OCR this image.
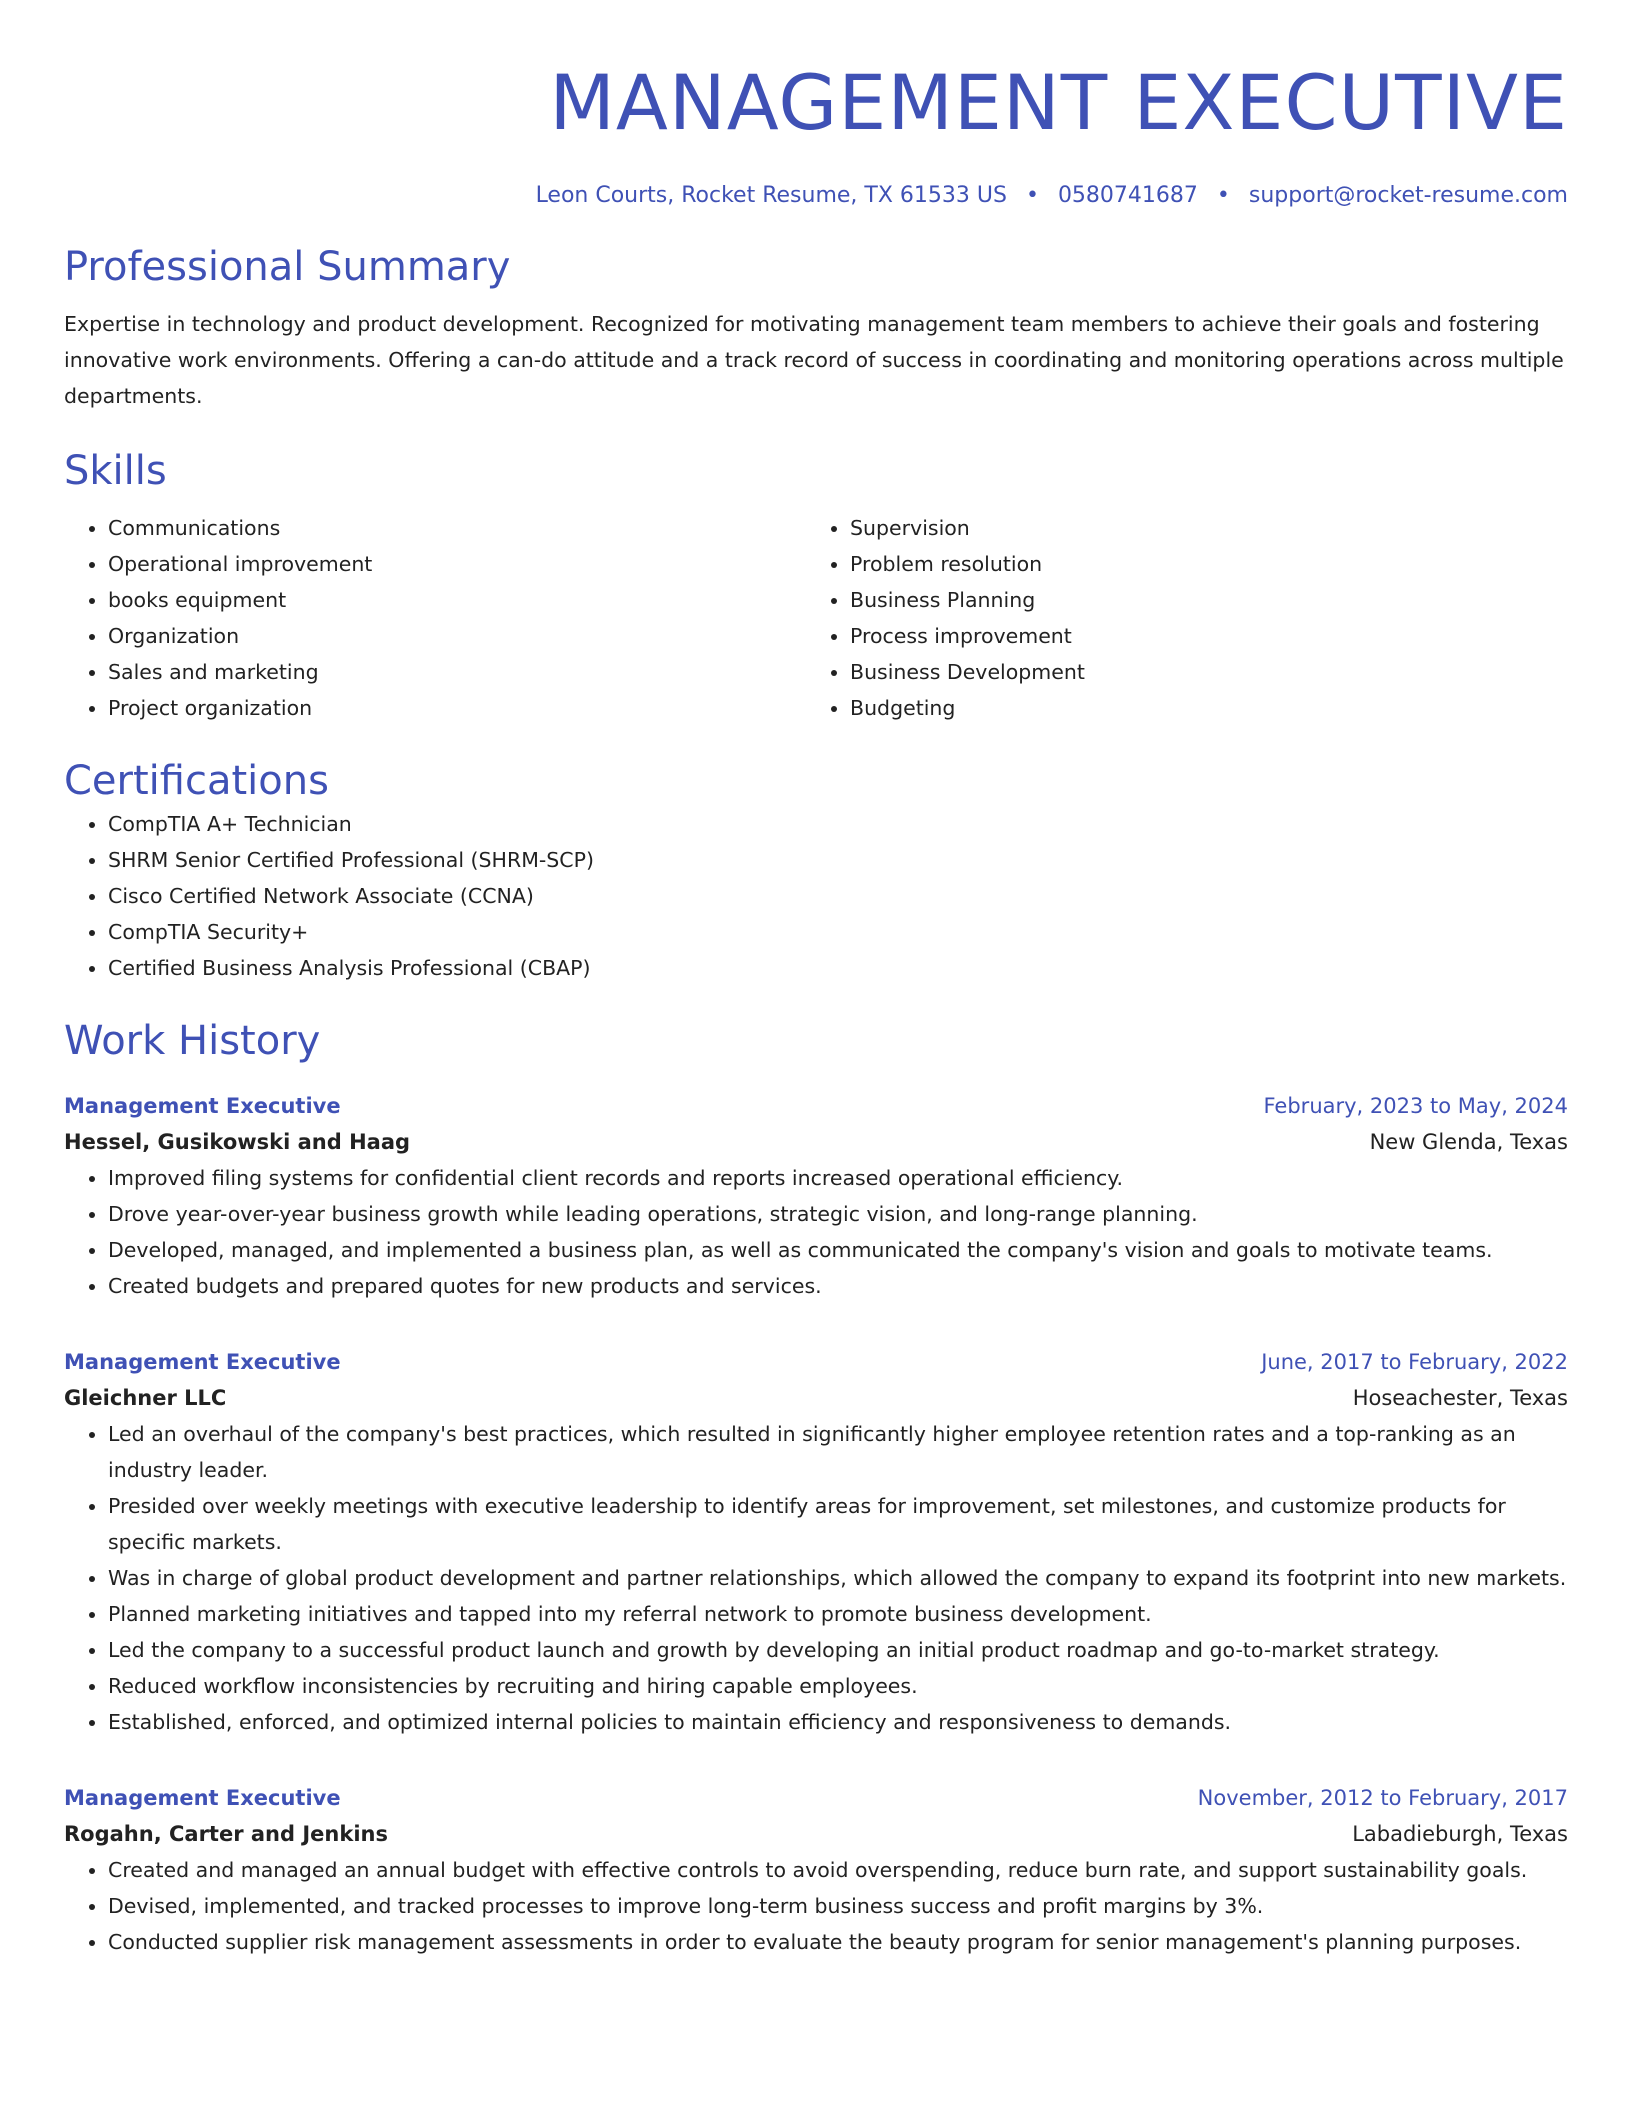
MANAGEMENT EXECUTIVE
Leon Courts, Rocket Resume, TX 61533 US • 0580741687 • support@rocket-resume.com
Professional Summary
Expertise in technology and product development. Recognized for motivating management team members to achieve their goals and fostering innovative work environments. Offering a can-do attitude and a track record of success in coordinating and monitoring operations across multiple departments.
Skills
• Communications
• Operational improvement
• books equipment
• Organization
• Sales and marketing
• Project organization
• Supervision
• Problem resolution
• Business Planning
• Process improvement
• Business Development
• Budgeting
Certifications
• CompTIA A+ Technician
• SHRM Senior Certified Professional (SHRM-SCP)
• Cisco Certified Network Associate (CCNA)
• CompTIA Security+
• Certified Business Analysis Professional (CBAP)
Work History
Management Executive	February, 2023 to May, 2024
Hessel, Gusikowski and Haag	New Glenda, Texas
• Improved filing systems for confidential client records and reports increased operational efficiency.
• Drove year-over-year business growth while leading operations, strategic vision, and long-range planning.
• Developed, managed, and implemented a business plan, as well as communicated the company's vision and goals to motivate teams.
• Created budgets and prepared quotes for new products and services.
Management Executive	June, 2017 to February, 2022
Gleichner LLC	Hoseachester, Texas
• Led an overhaul of the company's best practices, which resulted in significantly higher employee retention rates and a top-ranking as an industry leader.
• Presided over weekly meetings with executive leadership to identify areas for improvement, set milestones, and customize products for specific markets.
• Was in charge of global product development and partner relationships, which allowed the company to expand its footprint into new markets.
• Planned marketing initiatives and tapped into my referral network to promote business development.
• Led the company to a successful product launch and growth by developing an initial product roadmap and go-to-market strategy.
• Reduced workflow inconsistencies by recruiting and hiring capable employees.
• Established, enforced, and optimized internal policies to maintain efficiency and responsiveness to demands.
Management Executive	November, 2012 to February, 2017
Rogahn, Carter and Jenkins	Labadieburgh, Texas
• Created and managed an annual budget with effective controls to avoid overspending, reduce burn rate, and support sustainability goals.
• Devised, implemented, and tracked processes to improve long-term business success and profit margins by 3%.
• Conducted supplier risk management assessments in order to evaluate the beauty program for senior management's planning purposes.
